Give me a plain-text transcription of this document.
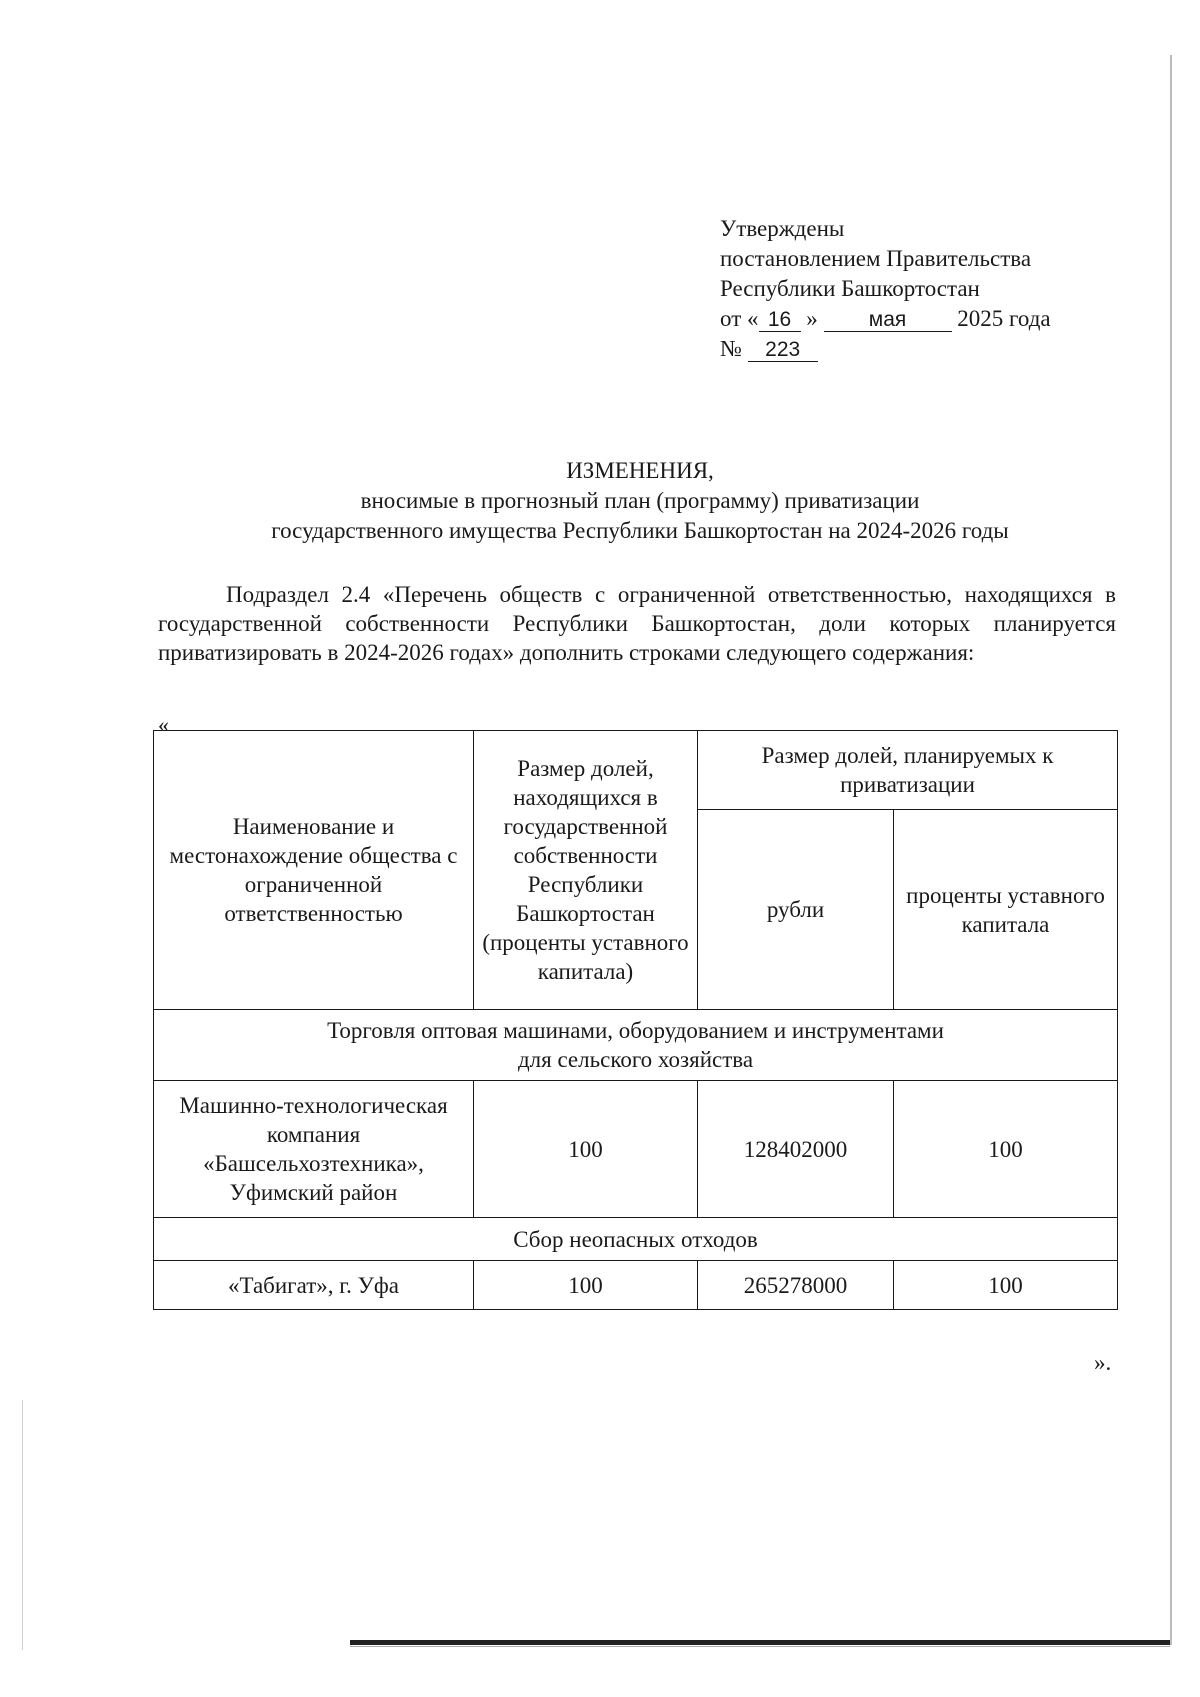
Утверждены
постановлением Правительства
Республики Башкортостан
от « 16 » мая 2025 года
№ 223
ИЗМЕНЕНИЯ,
вносимые в прогнозный план (программу) приватизации
государственного имущества Республики Башкортостан на 2024-2026 годы
Подраздел 2.4 «Перечень обществ с ограниченной ответственностью, находящихся в государственной собственности Республики Башкортостан, доли которых планируется приватизировать в 2024-2026 годах» дополнить строками следующего содержания:
«
Наименование и местонахождение общества с ограниченной ответственностью	Размер долей, находящихся в государственной собственности Республики Башкортостан (проценты уставного капитала)	Размер долей, планируемых к приватизации	
		рубли	проценты уставного капитала

Торговля оптовая машинами, оборудованием и инструментами
для сельского хозяйства			

Машинно-технологическая
компания
«Башсельхозтехника»,
Уфимский район	100	128402000	100
Сбор неопасных отходов			
«Табигат», г. Уфа	100	265278000	100
».
